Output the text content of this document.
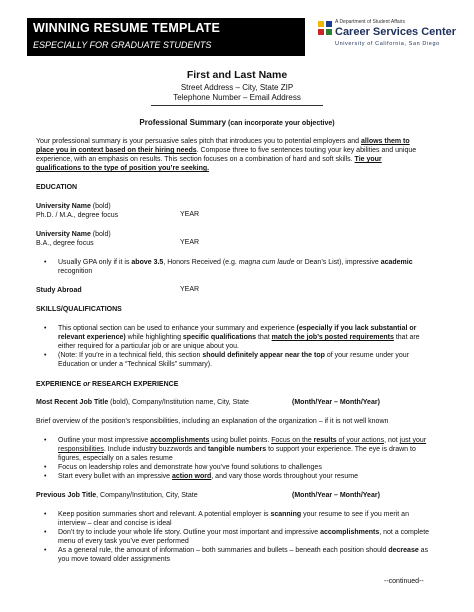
WINNING RESUME TEMPLATE
ESPECIALLY FOR GRADUATE STUDENTS
A Department of Student Affairs
Career Services Center
University of California, San Diego
First and Last Name
Street Address – City, State ZIP
Telephone Number – Email Address
Professional Summary (can incorporate your objective)
Your professional summary is your persuasive sales pitch that introduces you to potential employers and allows them to
place you in context based on their hiring needs. Compose three to five sentences touting your key abilities and unique
experience, with an emphasis on results. This section focuses on a combination of hard and soft skills. Tie your
qualifications to the type of position you’re seeking.
EDUCATION
University Name (bold)
Ph.D. / M.A., degree focus	YEAR
University Name (bold)
B.A., degree focus	YEAR
• Usually GPA only if it is above 3.5, Honors Received (e.g. magna cum laude or Dean’s List), impressive academic
recognition
Study Abroad	YEAR
SKILLS/QUALIFICATIONS
• This optional section can be used to enhance your summary and experience (especially if you lack substantial or
relevant experience) while highlighting specific qualifications that match the job’s posted requirements that are
either required for a particular job or are unique about you.
• (Note: If you’re in a technical field, this section should definitely appear near the top of your resume under your
Education or under a “Technical Skills” summary).
EXPERIENCE or RESEARCH EXPERIENCE
Most Recent Job Title (bold), Company/Institution name, City, State	(Month/Year – Month/Year)
Brief overview of the position’s responsibilities, including an explanation of the organization – if it is not well known
• Outline your most impressive accomplishments using bullet points. Focus on the results of your actions, not just your
responsibilities. Include industry buzzwords and tangible numbers to support your experience. The eye is drawn to
figures, especially on a sales resume
• Focus on leadership roles and demonstrate how you’ve found solutions to challenges
• Start every bullet with an impressive action word, and vary those words throughout your resume
Previous Job Title, Company/Institution, City, State	(Month/Year – Month/Year)
• Keep position summaries short and relevant. A potential employer is scanning your resume to see if you merit an
interview – clear and concise is ideal
• Don’t try to include your whole life story. Outline your most important and impressive accomplishments, not a complete
menu of every task you’ve ever performed
• As a general rule, the amount of information – both summaries and bullets – beneath each position should decrease as
you move toward older assignments
--continued--
